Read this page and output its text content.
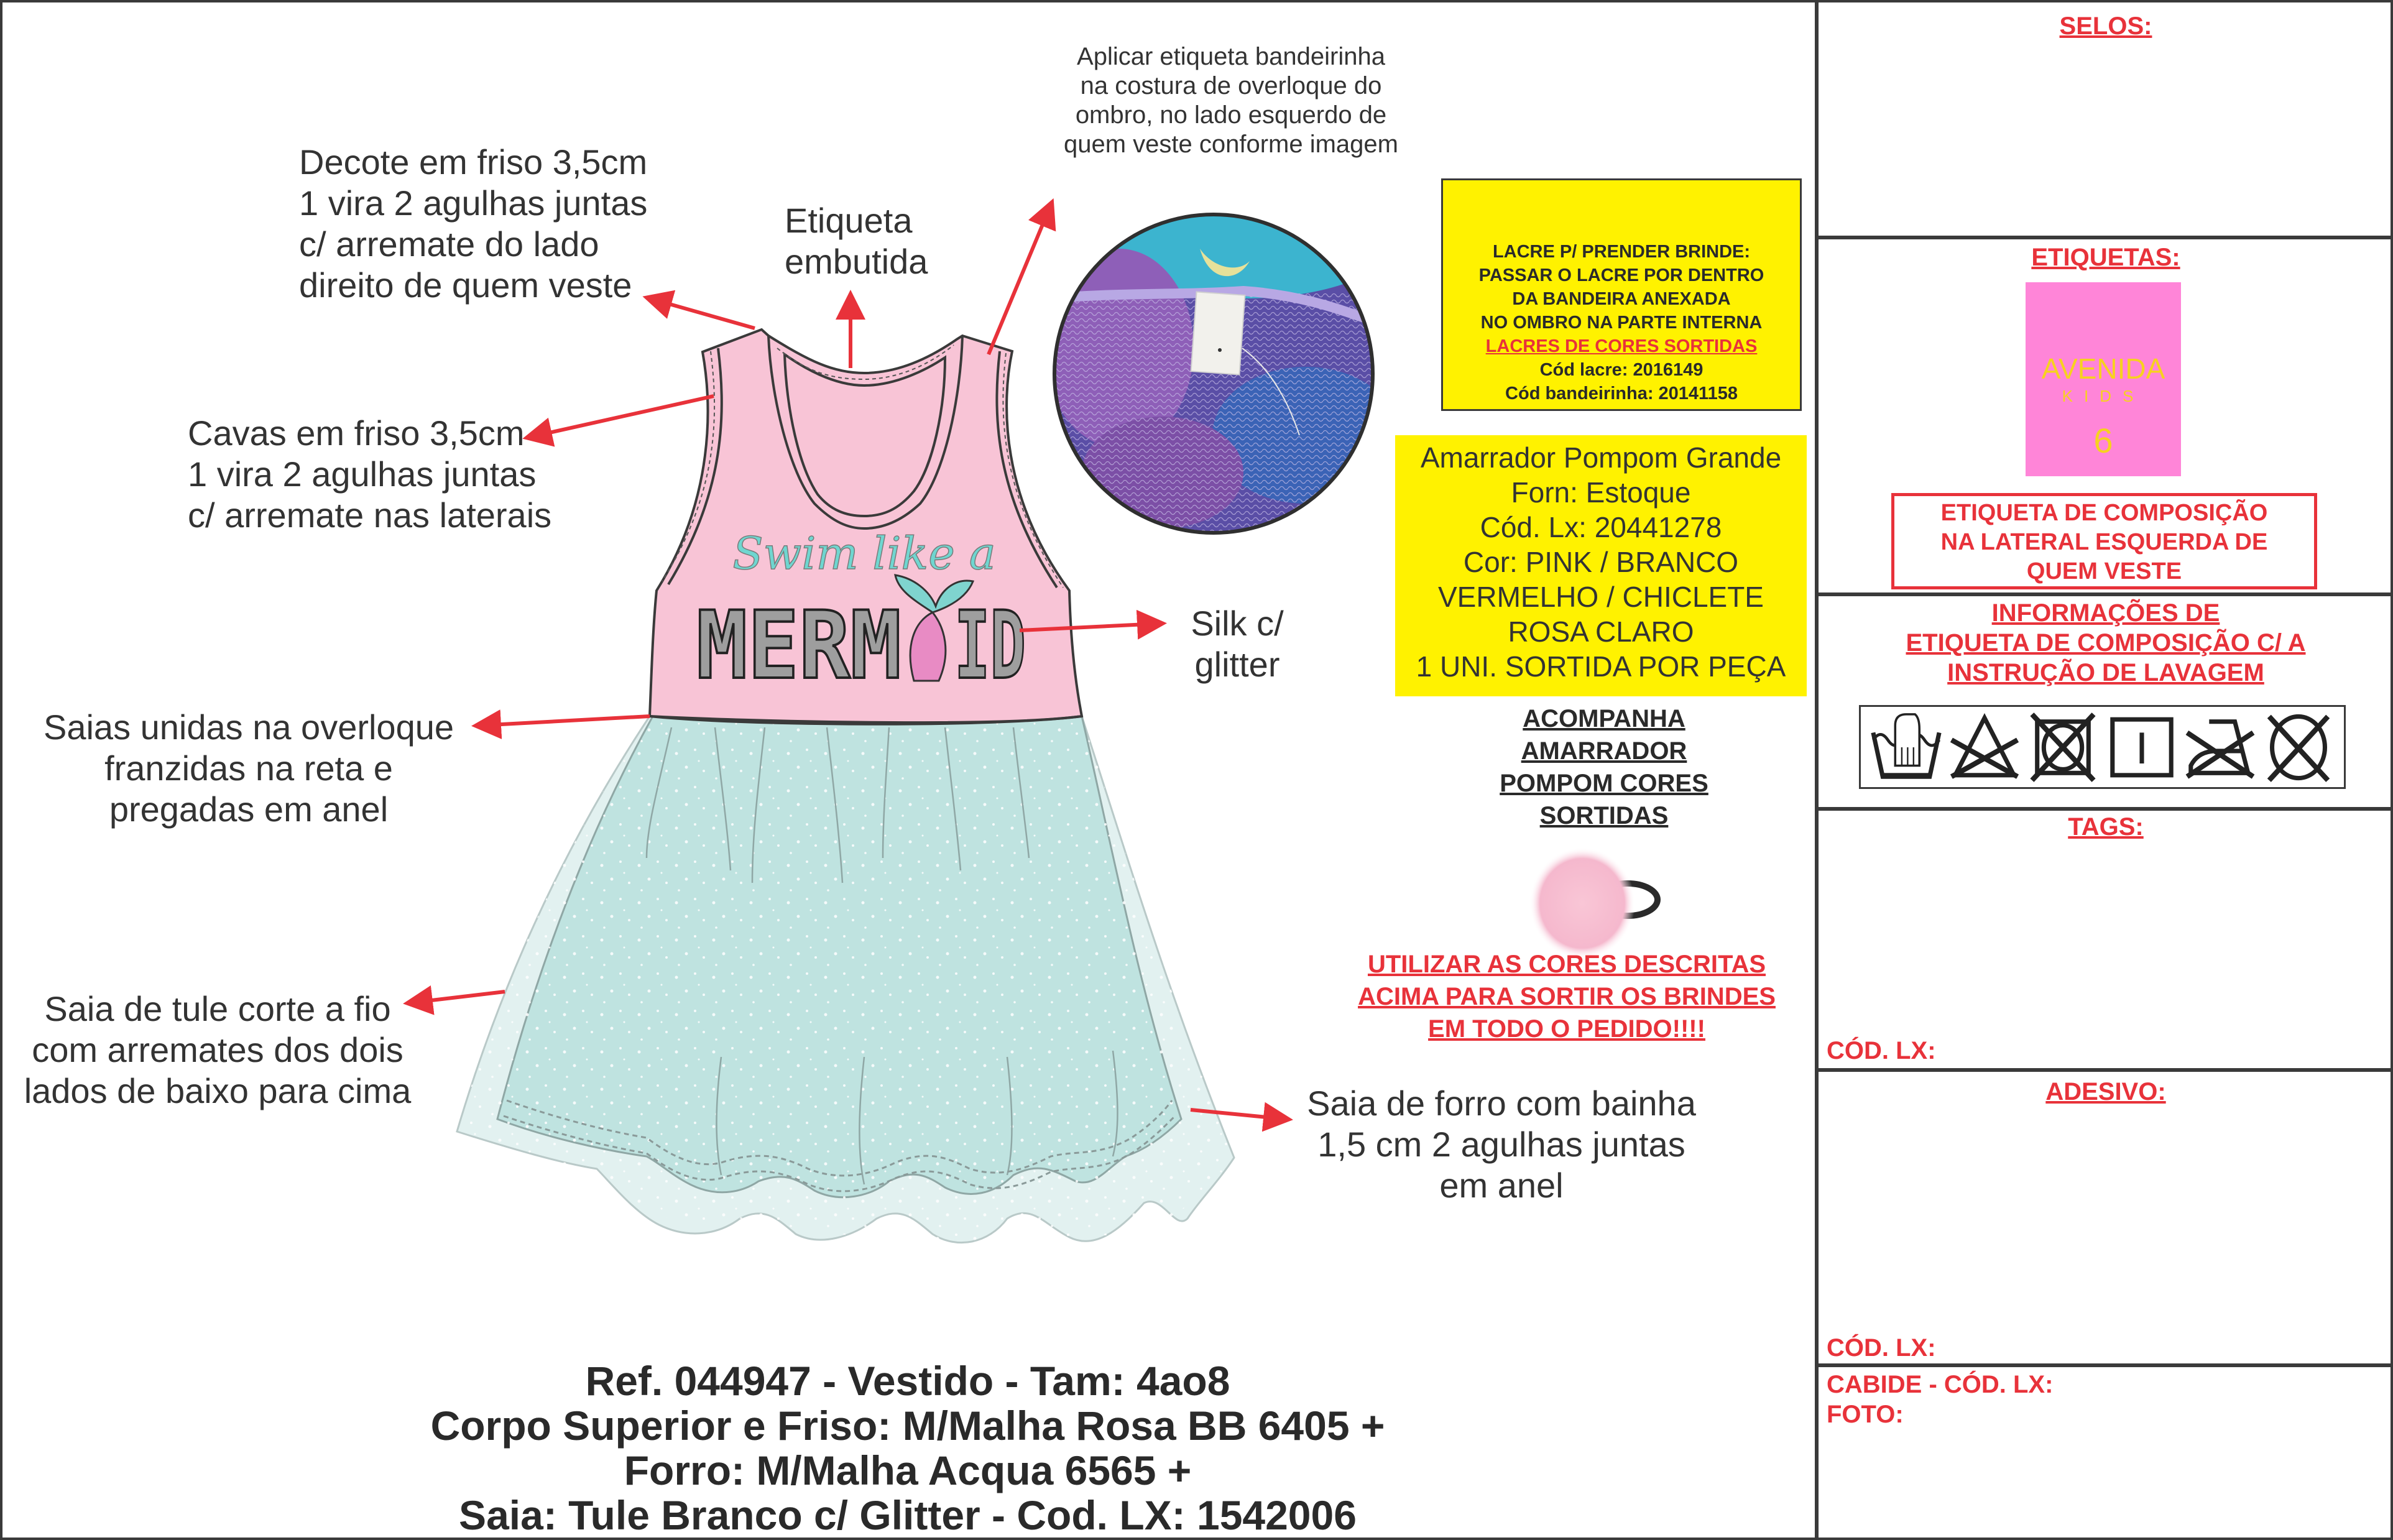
Decote em friso 3,5cm
1 vira 2 agulhas juntas
c/ arremate do lado
direito de quem veste
Etiqueta
embutida
Cavas em friso 3,5cm
1 vira 2 agulhas juntas
c/ arremate nas laterais
Silk c/
glitter
Saias unidas na overloque
franzidas na reta e
pregadas em anel
Saia de tule corte a fio
com arremates dos dois
lados de baixo para cima	Saia de forro com bainha
1,5 cm 2 agulhas juntas
em anel
Aplicar etiqueta bandeirinha
na costura de overloque do
ombro, no lado esquerdo de
quem veste conforme imagem
Swim like a
MERM ID
LACRE P/ PRENDER BRINDE:
PASSAR O LACRE POR DENTRO
DA BANDEIRA ANEXADA
NO OMBRO NA PARTE INTERNA
LACRES DE CORES SORTIDAS
Cód lacre: 2016149
Cód bandeirinha: 20141158
Amarrador Pompom Grande
Forn: Estoque
Cód. Lx: 20441278
Cor: PINK / BRANCO
VERMELHO / CHICLETE
ROSA CLARO
1 UNI. SORTIDA POR PEÇA
ACOMPANHA
AMARRADOR
POMPOM CORES
SORTIDAS
UTILIZAR AS CORES DESCRITAS
ACIMA PARA SORTIR OS BRINDES
EM TODO O PEDIDO!!!!
Ref. 044947 - Vestido - Tam: 4ao8
Corpo Superior e Friso: M/Malha Rosa BB 6405 +
Forro: M/Malha Acqua 6565 +
Saia: Tule Branco c/ Glitter - Cod. LX: 1542006
SELOS:
ETIQUETAS:
AVENIDA
KIDS
6
ETIQUETA DE COMPOSIÇÃO
NA LATERAL ESQUERDA DE
QUEM VESTE
INFORMAÇÕES DE
ETIQUETA DE COMPOSIÇÃO C/ A
INSTRUÇÃO DE LAVAGEM
TAGS:
CÓD. LX:
ADESIVO:
CÓD. LX:
CABIDE - CÓD. LX:
FOTO:
